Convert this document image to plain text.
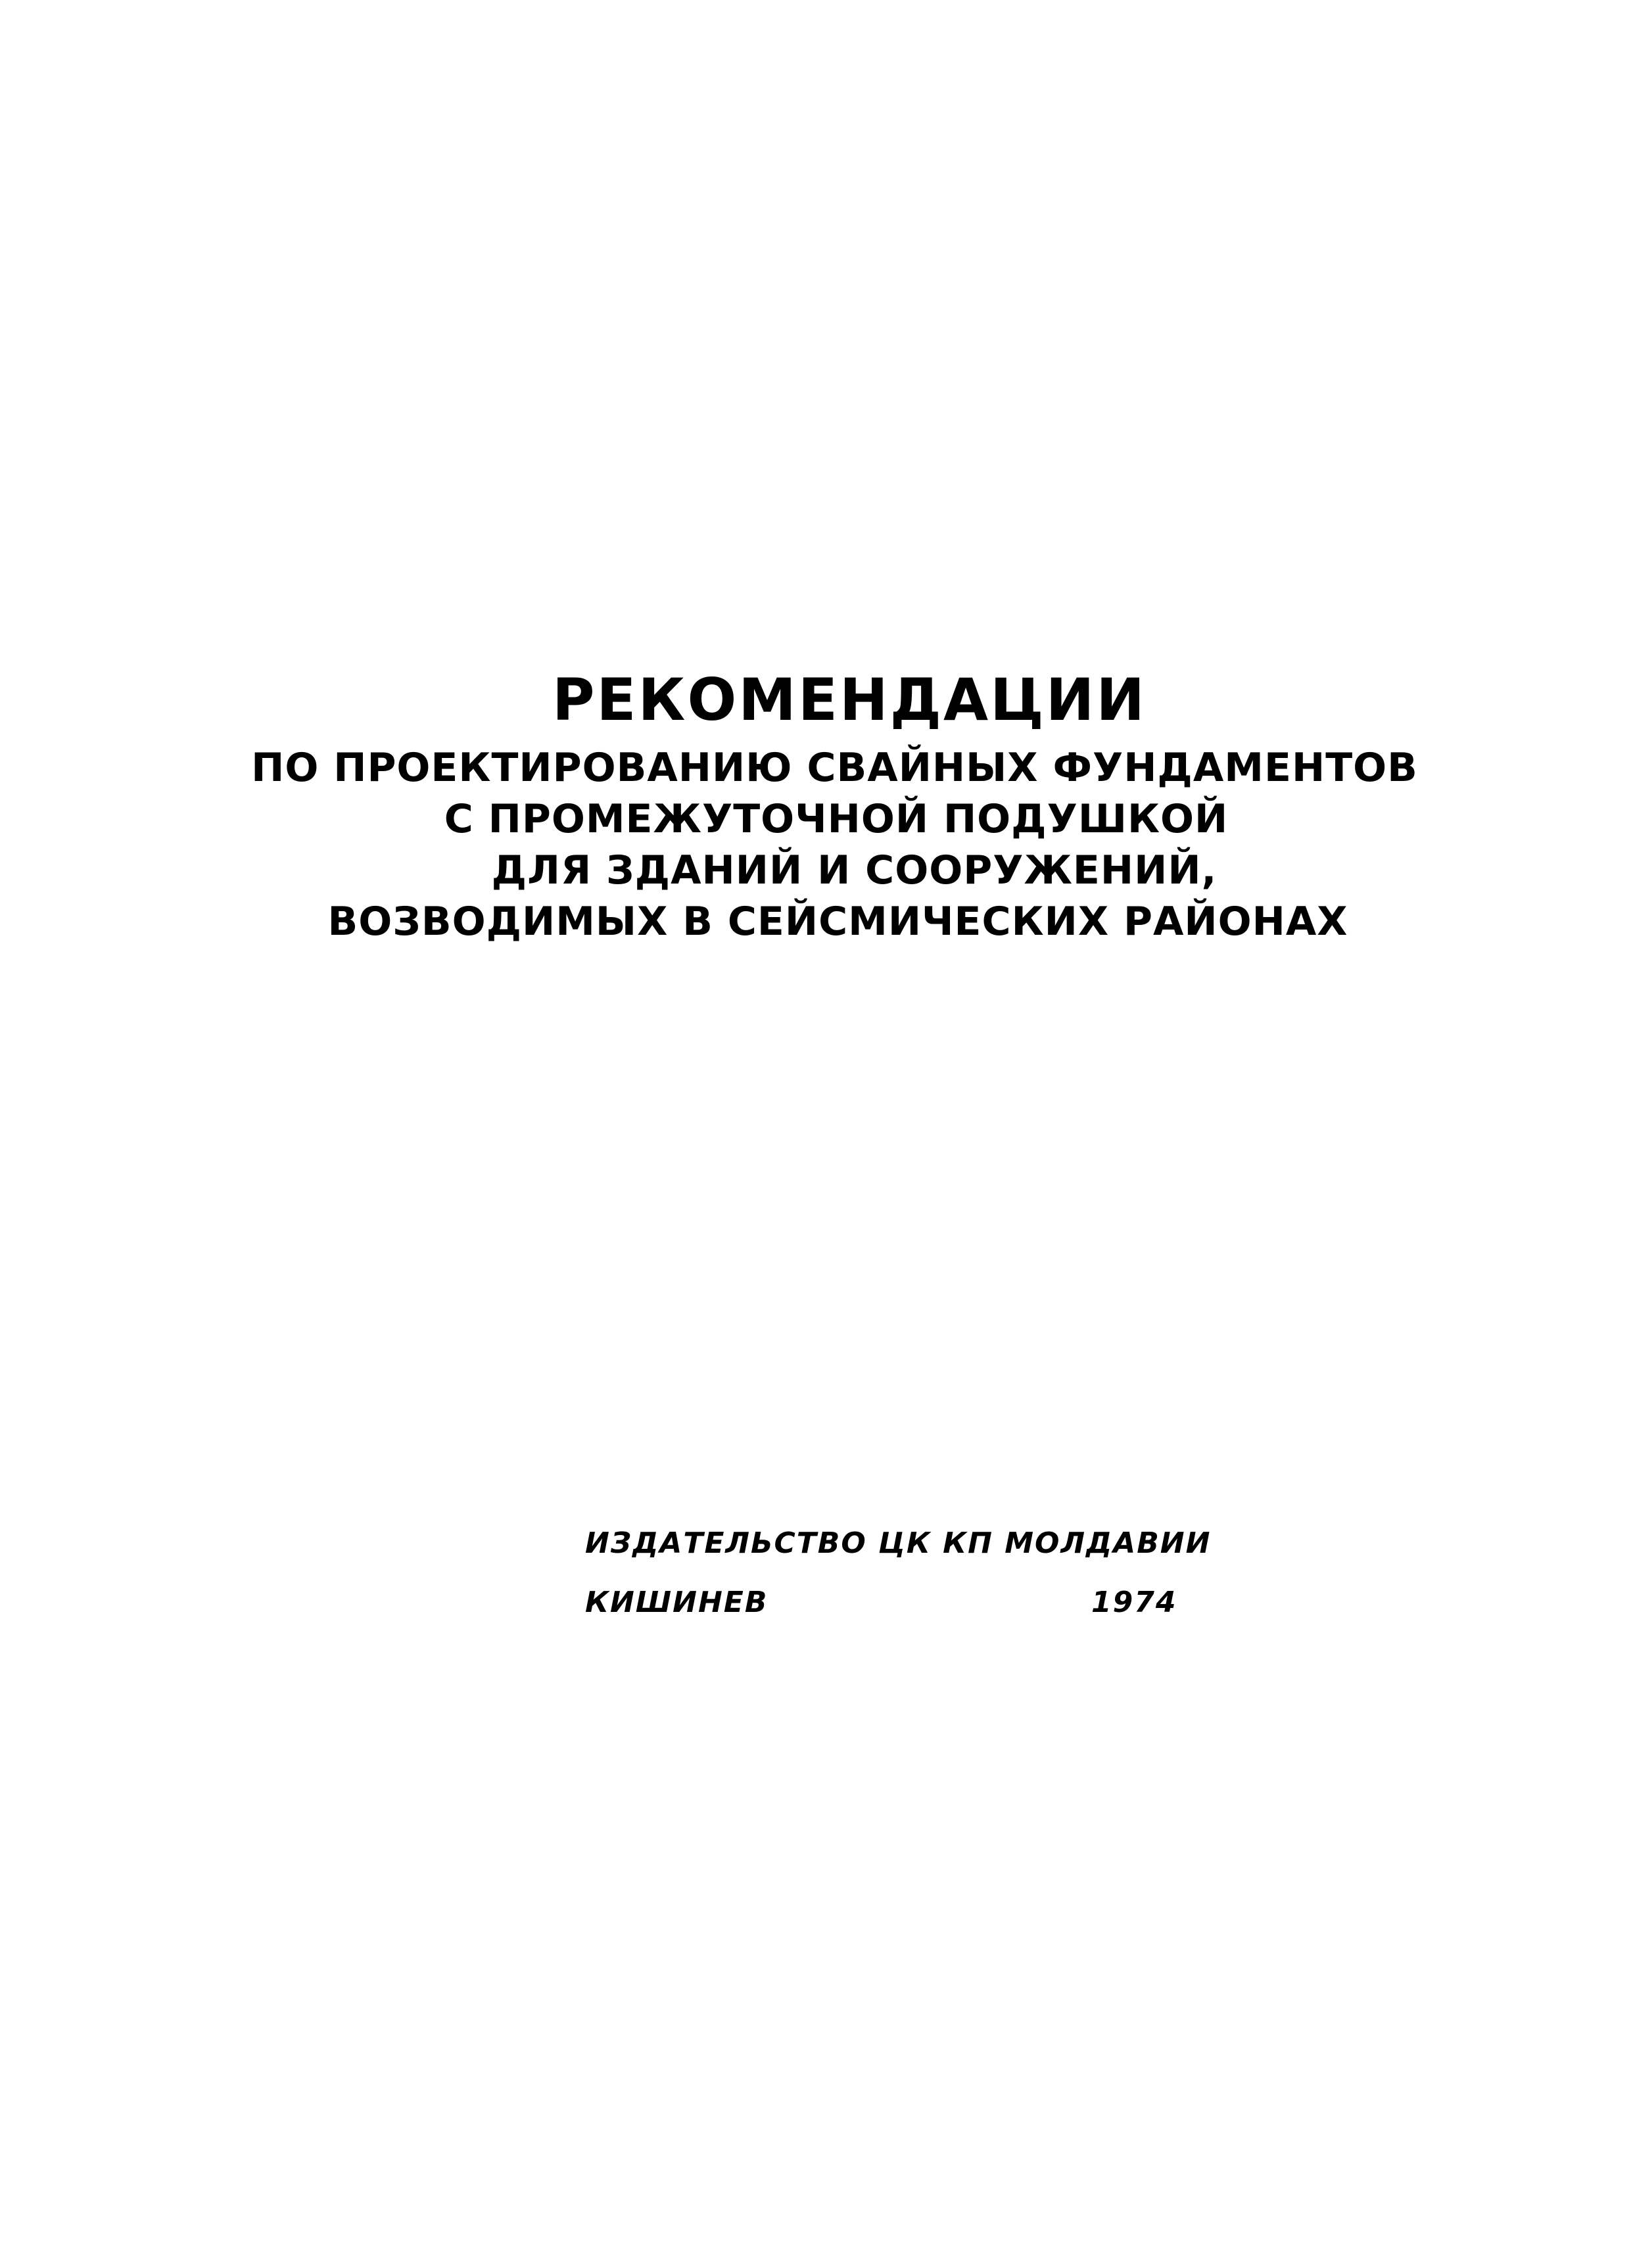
РЕКОМЕНДАЦИИ
ПО ПРОЕКТИРОВАНИЮ СВАЙНЫХ ФУНДАМЕНТОВ
С ПРОМЕЖУТОЧНОЙ ПОДУШКОЙ
ДЛЯ ЗДАНИЙ И СООРУЖЕНИЙ,
ВОЗВОДИМЫХ В СЕЙСМИЧЕСКИХ РАЙОНАХ
ИЗДАТЕЛЬСТВО ЦК КП МОЛДАВИИ
КИШИНЕВ	1974
